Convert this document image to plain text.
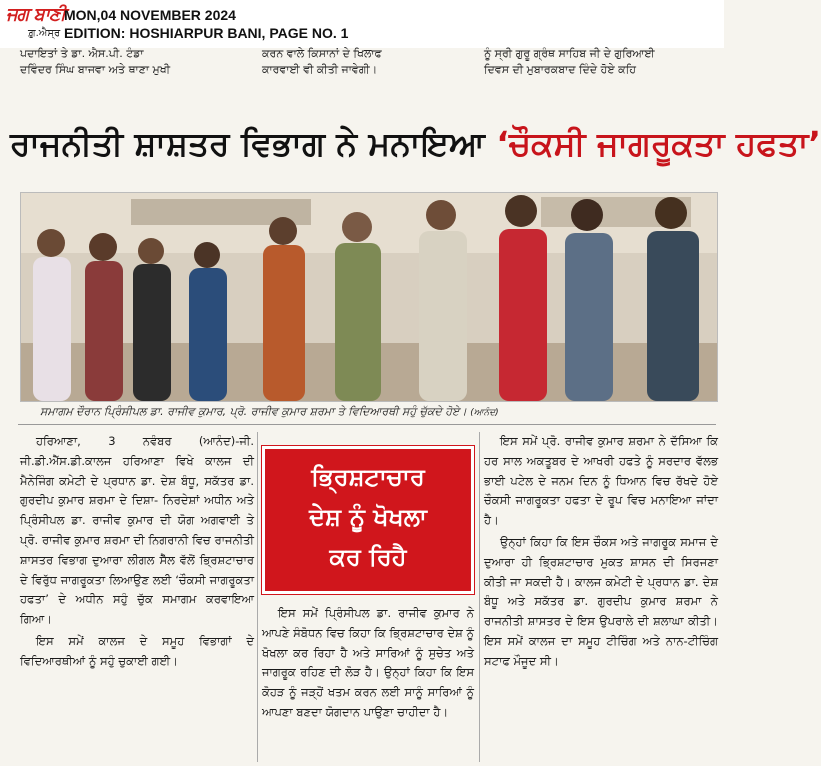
ਜਗ ਬਾਣੀ
ਗ਼ੁ.ਐਸ੍ਰ
MON,04 NOVEMBER 2024
EDITION: HOSHIARPUR BANI, PAGE NO. 1
ਪਦਾਇਤਾਂ ਤੇ ਡਾ. ਐਸ.ਪੀ. ਟੰਡਾ
ਦਵਿੰਦਰ ਸਿੰਘ ਬਾਜਵਾ ਅਤੇ ਥਾਣਾ ਮੁਖੀ
ਕਰਨ ਵਾਲੇ ਕਿਸਾਨਾਂ ਦੇ ਖਿਲਾਫ
ਕਾਰਵਾਈ ਵੀ ਕੀਤੀ ਜਾਵੇਗੀ।
ਨੂੰ ਸ੍ਰੀ ਗੁਰੂ ਗ੍ਰੰਥ ਸਾਹਿਬ ਜੀ ਦੇ ਗੁਰਿਆਈ
ਦਿਵਸ ਦੀ ਮੁਬਾਰਕਬਾਦ ਦਿੰਦੇ ਹੋਏ ਕਹਿ
ਰਾਜਨੀਤੀ ਸ਼ਾਸ਼ਤਰ ਵਿਭਾਗ ਨੇ ਮਨਾਇਆ ‘ਚੌਕਸੀ ਜਾਗਰੂਕਤਾ ਹਫਤਾ’
ਸਮਾਗਮ ਦੌਰਾਨ ਪ੍ਰਿੰਸੀਪਲ ਡਾ. ਰਾਜੀਵ ਕੁਮਾਰ, ਪ੍ਰੋ. ਰਾਜੀਵ ਕੁਮਾਰ ਸ਼ਰਮਾ ਤੇ ਵਿਦਿਆਰਥੀ ਸਹੁੰ ਚੁੱਕਦੇ ਹੋਏ। (ਆਨੰਦ)

ਹਰਿਆਣਾ, 3 ਨਵੰਬਰ (ਆਨੰਦ)-ਜੀ. ਜੀ.ਡੀ.ਐੱਸ.ਡੀ.ਕਾਲਜ ਹਰਿਆਣਾ ਵਿਖੇ ਕਾਲਜ ਦੀ ਮੈਨੇਜਿੰਗ ਕਮੇਟੀ ਦੇ ਪ੍ਰਧਾਨ ਡਾ. ਦੇਸ਼ ਬੰਧੂ, ਸਕੱਤਰ ਡਾ. ਗੁਰਦੀਪ ਕੁਮਾਰ ਸ਼ਰਮਾ ਦੇ ਦਿਸ਼ਾ- ਨਿਰਦੇਸ਼ਾਂ ਅਧੀਨ ਅਤੇ ਪ੍ਰਿੰਸੀਪਲ ਡਾ. ਰਾਜੀਵ ਕੁਮਾਰ ਦੀ ਯੋਗ ਅਗਵਾਈ ਤੇ ਪ੍ਰੋ. ਰਾਜੀਵ ਕੁਮਾਰ ਸ਼ਰਮਾ ਦੀ ਨਿਗਰਾਨੀ ਵਿਚ ਰਾਜਨੀਤੀ ਸ਼ਾਸਤਰ ਵਿਭਾਗ ਦੁਆਰਾ ਲੀਗਲ ਸੈੱਲ ਵੱਲੋਂ ਭ੍ਰਿਸ਼ਟਾਚਾਰ ਦੇ ਵਿਰੁੱਧ ਜਾਗਰੂਕਤਾ ਲਿਆਉਣ ਲਈ ‘ਚੌਕਸੀ ਜਾਗਰੂਕਤਾ ਹਫਤਾ’ ਦੇ ਅਧੀਨ ਸਹੁੰ ਚੁੱਕ ਸਮਾਗਮ ਕਰਵਾਇਆ ਗਿਆ।

ਇਸ ਸਮੇਂ ਕਾਲਜ ਦੇ ਸਮੂਹ ਵਿਭਾਗਾਂ ਦੇ ਵਿਦਿਆਰਥੀਆਂ ਨੂੰ ਸਹੁੰ ਚੁਕਾਈ ਗਈ।

ਭ੍ਰਿਸ਼ਟਾਚਾਰ
ਦੇਸ਼ ਨੂੰ ਖੋਖਲਾ
ਕਰ ਰਿਹੈ

ਇਸ ਸਮੇਂ ਪ੍ਰਿੰਸੀਪਲ ਡਾ. ਰਾਜੀਵ ਕੁਮਾਰ ਨੇ ਆਪਣੇ ਸੰਬੋਧਨ ਵਿਚ ਕਿਹਾ ਕਿ ਭ੍ਰਿਸ਼ਟਾਚਾਰ ਦੇਸ਼ ਨੂੰ ਖੋਖਲਾ ਕਰ ਰਿਹਾ ਹੈ ਅਤੇ ਸਾਰਿਆਂ ਨੂੰ ਸੁਚੇਤ ਅਤੇ ਜਾਗਰੂਕ ਰਹਿਣ ਦੀ ਲੋੜ ਹੈ। ਉਨ੍ਹਾਂ ਕਿਹਾ ਕਿ ਇਸ ਕੋਹੜ ਨੂੰ ਜੜ੍ਹੋਂ ਖਤਮ ਕਰਨ ਲਈ ਸਾਨੂੰ ਸਾਰਿਆਂ ਨੂੰ ਆਪਣਾ ਬਣਦਾ ਯੋਗਦਾਨ ਪਾਉਣਾ ਚਾਹੀਦਾ ਹੈ।

ਇਸ ਸਮੇਂ ਪ੍ਰੋ. ਰਾਜੀਵ ਕੁਮਾਰ ਸ਼ਰਮਾ ਨੇ ਦੱਸਿਆ ਕਿ ਹਰ ਸਾਲ ਅਕਤੂਬਰ ਦੇ ਆਖਰੀ ਹਫਤੇ ਨੂੰ ਸਰਦਾਰ ਵੱਲਭ ਭਾਈ ਪਟੇਲ ਦੇ ਜਨਮ ਦਿਨ ਨੂੰ ਧਿਆਨ ਵਿਚ ਰੱਖਦੇ ਹੋਏ ਚੌਕਸੀ ਜਾਗਰੂਕਤਾ ਹਫਤਾ ਦੇ ਰੂਪ ਵਿਚ ਮਨਾਇਆ ਜਾਂਦਾ ਹੈ।

ਉਨ੍ਹਾਂ ਕਿਹਾ ਕਿ ਇਸ ਚੌਕਸ ਅਤੇ ਜਾਗਰੂਕ ਸਮਾਜ ਦੇ ਦੁਆਰਾ ਹੀ ਭ੍ਰਿਸ਼ਟਾਚਾਰ ਮੁਕਤ ਸ਼ਾਸਨ ਦੀ ਸਿਰਜਣਾ ਕੀਤੀ ਜਾ ਸਕਦੀ ਹੈ। ਕਾਲਜ ਕਮੇਟੀ ਦੇ ਪ੍ਰਧਾਨ ਡਾ. ਦੇਸ਼ ਬੰਧੂ ਅਤੇ ਸਕੱਤਰ ਡਾ. ਗੁਰਦੀਪ ਕੁਮਾਰ ਸ਼ਰਮਾ ਨੇ ਰਾਜਨੀਤੀ ਸ਼ਾਸਤਰ ਦੇ ਇਸ ਉਪਰਾਲੇ ਦੀ ਸ਼ਲਾਘਾ ਕੀਤੀ। ਇਸ ਸਮੇਂ ਕਾਲਜ ਦਾ ਸਮੂਹ ਟੀਚਿੰਗ ਅਤੇ ਨਾਨ-ਟੀਚਿੰਗ ਸਟਾਫ ਮੌਜੂਦ ਸੀ।
